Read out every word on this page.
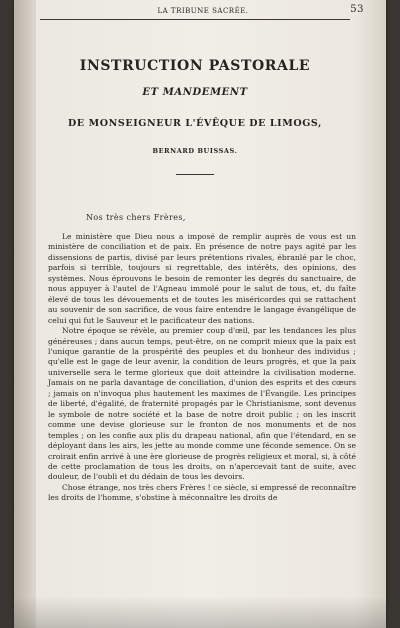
LA TRIBUNE SACRÉE.	53
INSTRUCTION PASTORALE
ET MANDEMENT
DE MONSEIGNEUR L'ÉVÊQUE DE LIMOGS,
BERNARD BUISSAS.
Nos très chers Frères,

Le ministère que Dieu nous a imposé de remplir auprès de vous est un ministère de conciliation et de paix. En présence de notre pays agité par les dissensions de partis, divisé par leurs prétentions rivales, ébranlé par le choc, parfois si terrible, toujours si regrettable, des intérêts, des opinions, des systèmes. Nous éprouvons le besoin de remonter les degrés du sanctuaire, de nous appuyer à l'autel de l'Agneau immolé pour le salut de tous, et, du faîte élevé de tous les dévouements et de toutes les miséricordes qui se rattachent au souvenir de son sacrifice, de vous faire entendre le langage évangélique de celui qui fut le Sauveur et le pacificateur des nations.

Notre époque se révèle, au premier coup d'œil, par les tendances les plus généreuses ; dans aucun temps, peut-être, on ne comprit mieux que la paix est l'unique garantie de la prospérité des peuples et du bonheur des individus ; qu'elle est le gage de leur avenir, la condition de leurs progrès, et que la paix universelle sera le terme glorieux que doit atteindre la civilisation moderne. Jamais on ne parla davantage de conciliation, d'union des esprits et des cœurs ; jamais on n'invoqua plus hautement les maximes de l'Évangile. Les principes de liberté, d'égalité, de fraternité propagés par le Christianisme, sont devenus le symbole de notre société et la base de notre droit public ; on les inscrit comme une devise glorieuse sur le fronton de nos monuments et de nos temples ; on les confie aux plis du drapeau national, afin que l'étendard, en se déployant dans les airs, les jette au monde comme une féconde semence. On se croirait enfin arrivé à une ère glorieuse de progrès religieux et moral, si, à côté de cette proclamation de tous les droits, on n'apercevait tant de suite, avec douleur, de l'oubli et du dédain de tous les devoirs.

Chose étrange, nos très chers Frères ! ce siècle, si empressé de reconnaître les droits de l'homme, s'obstine à méconnaître les droits de
